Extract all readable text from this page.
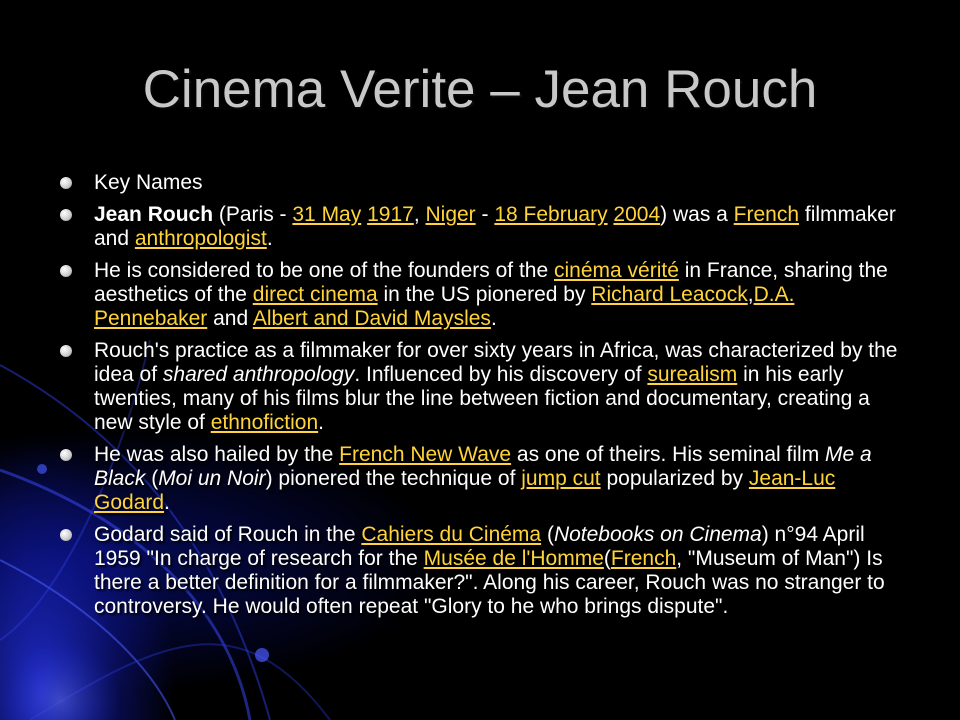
Cinema Verite – Jean Rouch
Key Names
Jean Rouch (Paris - 31 May 1917, Niger - 18 February 2004) was a French filmmaker and anthropologist.
He is considered to be one of the founders of the cinéma vérité in France, sharing the aesthetics of the direct cinema in the US pionered by Richard Leacock,D.A. Pennebaker and Albert and David Maysles.
Rouch's practice as a filmmaker for over sixty years in Africa, was characterized by the idea of shared anthropology. Influenced by his discovery of surealism in his early twenties, many of his films blur the line between fiction and documentary, creating a new style of ethnofiction.
He was also hailed by the French New Wave as one of theirs. His seminal film Me a Black (Moi un Noir) pionered the technique of jump cut popularized by Jean-Luc Godard.
Godard said of Rouch in the Cahiers du Cinéma (Notebooks on Cinema) n°94 April 1959 "In charge of research for the Musée de l'Homme(French, "Museum of Man") Is there a better definition for a filmmaker?". Along his career, Rouch was no stranger to controversy. He would often repeat "Glory to he who brings dispute".
